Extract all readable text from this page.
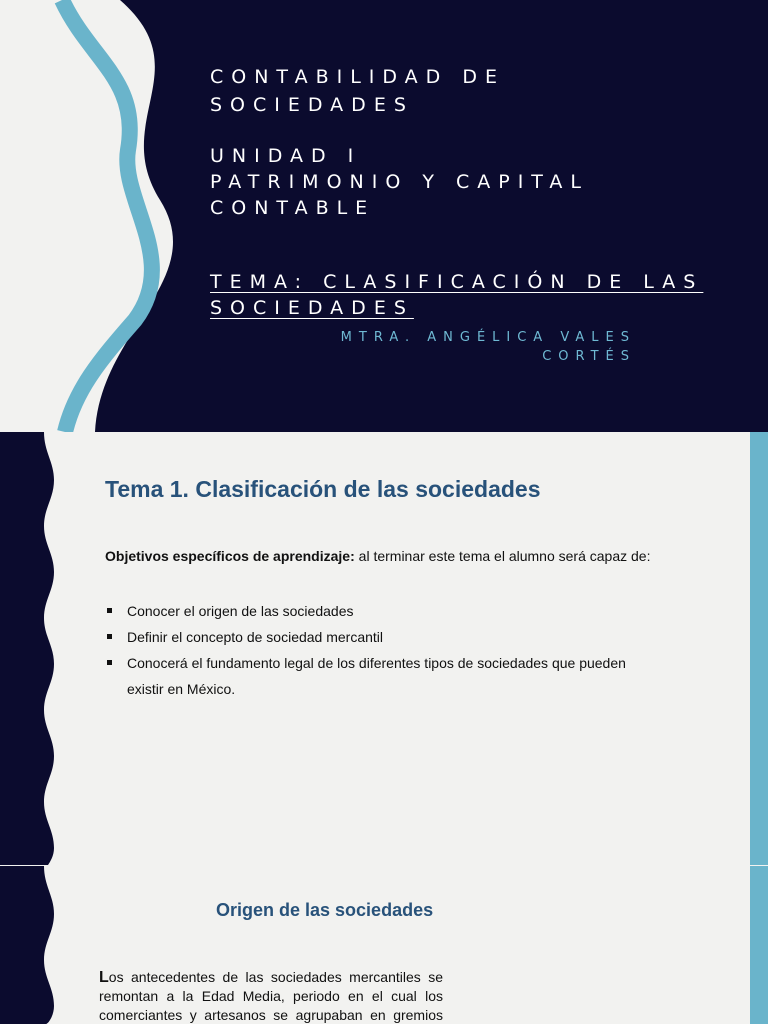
CONTABILIDAD DE
SOCIEDADES
UNIDAD I
PATRIMONIO Y CAPITAL
CONTABLE
TEMA: CLASIFICACIÓN DE LAS
SOCIEDADES
MTRA. ANGÉLICA VALES
CORTÉS
Tema 1. Clasificación de las sociedades
Objetivos específicos de aprendizaje: al terminar este tema el alumno será capaz de:
Conocer el origen de las sociedades
Definir el concepto de sociedad mercantil
Conocerá el fundamento legal de los diferentes tipos de sociedades que pueden existir en México.
Origen de las sociedades
Los antecedentes de las sociedades mercantiles se
remontan a la Edad Media, periodo en el cual los
comerciantes y artesanos se agrupaban en gremios
